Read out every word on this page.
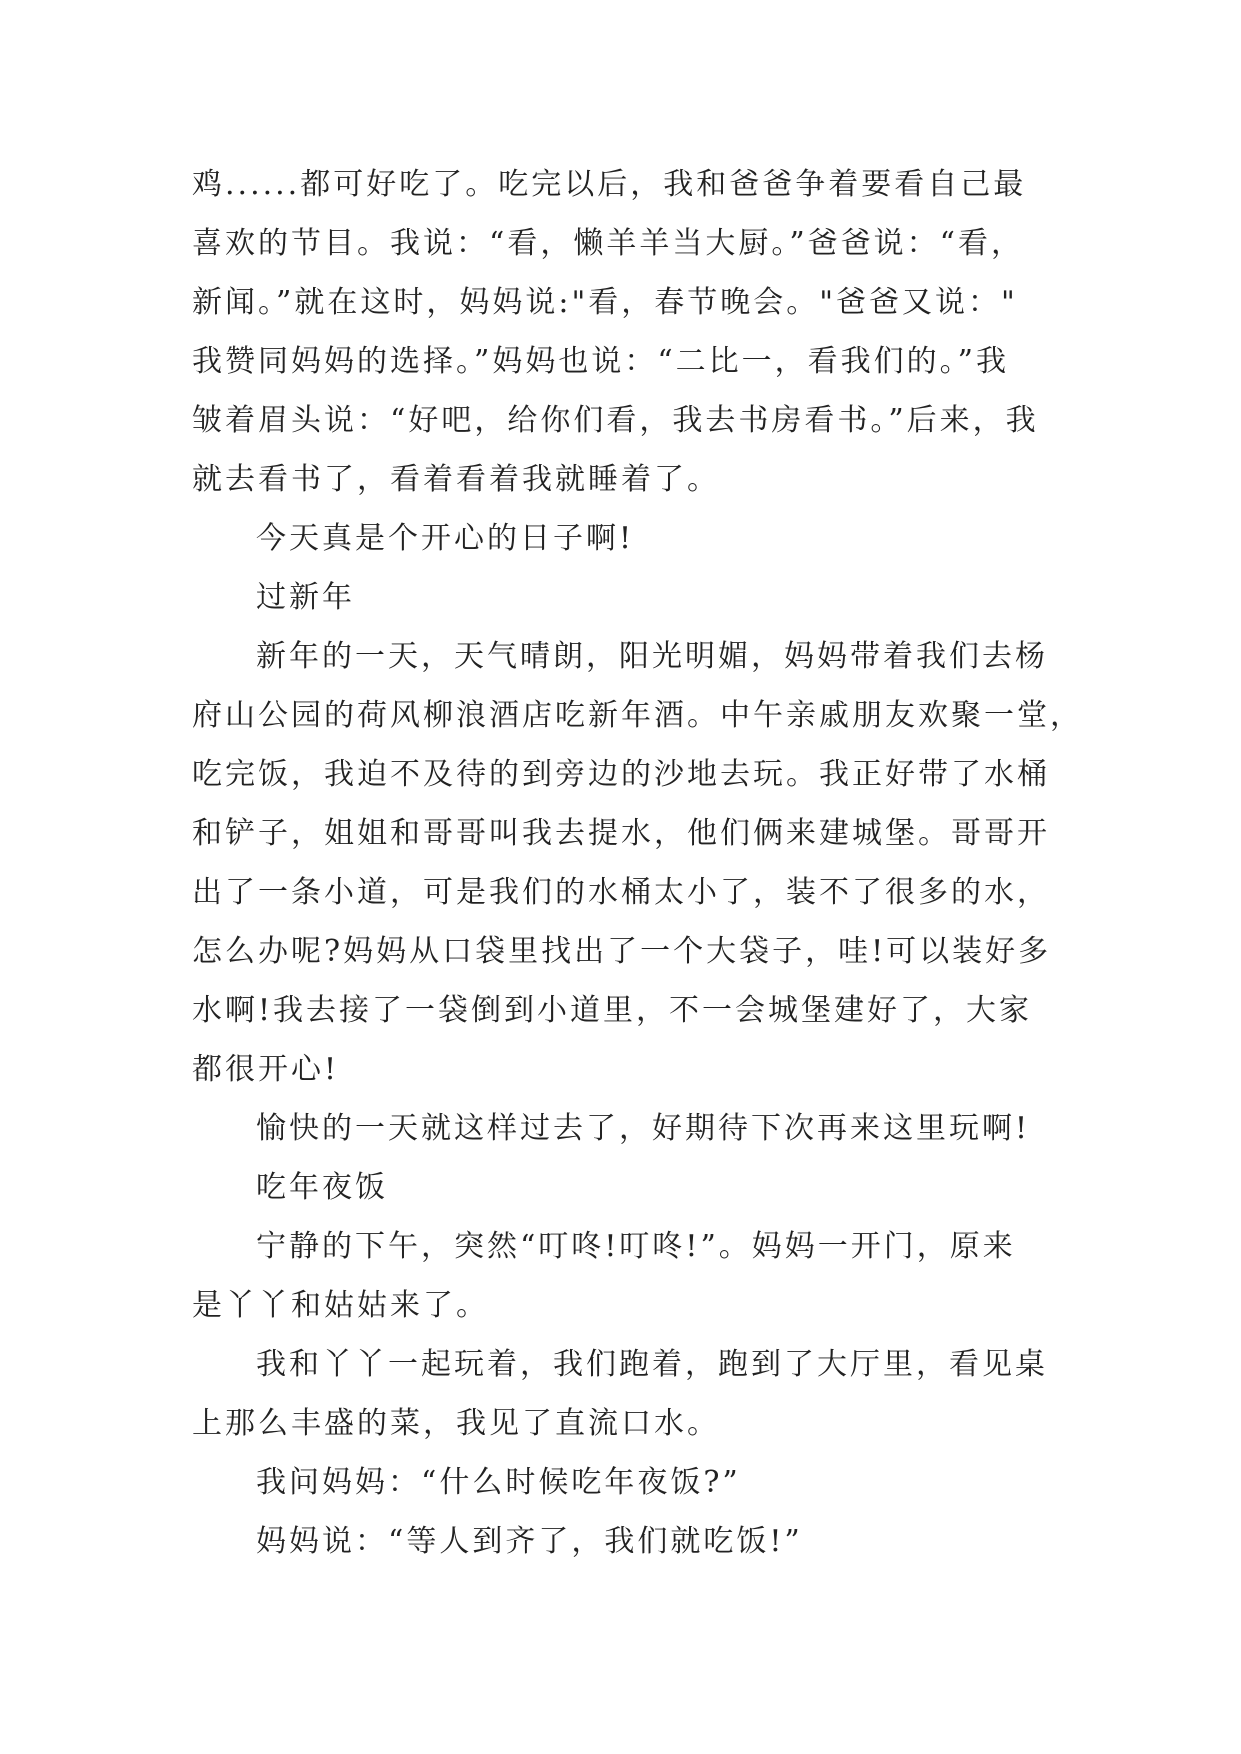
鸡......都可好吃了。吃完以后，我和爸爸争着要看自己最
喜欢的节目。我说：“看，懒羊羊当大厨。”爸爸说：“看，
新闻。”就在这时，妈妈说:"看，春节晚会。"爸爸又说："
我赞同妈妈的选择。”妈妈也说：“二比一，看我们的。”我
皱着眉头说：“好吧，给你们看，我去书房看书。”后来，我
就去看书了，看着看着我就睡着了。
今天真是个开心的日子啊!
过新年
新年的一天，天气晴朗，阳光明媚，妈妈带着我们去杨
府山公园的荷风柳浪酒店吃新年酒。中午亲戚朋友欢聚一堂，
吃完饭，我迫不及待的到旁边的沙地去玩。我正好带了水桶
和铲子，姐姐和哥哥叫我去提水，他们俩来建城堡。哥哥开
出了一条小道，可是我们的水桶太小了，装不了很多的水，
怎么办呢?妈妈从口袋里找出了一个大袋子，哇!可以装好多
水啊!我去接了一袋倒到小道里，不一会城堡建好了，大家
都很开心!
愉快的一天就这样过去了，好期待下次再来这里玩啊!
吃年夜饭
宁静的下午，突然“叮咚!叮咚!”。妈妈一开门，原来
是丫丫和姑姑来了。
我和丫丫一起玩着，我们跑着，跑到了大厅里，看见桌
上那么丰盛的菜，我见了直流口水。
我问妈妈：“什么时候吃年夜饭?”
妈妈说：“等人到齐了，我们就吃饭!”
